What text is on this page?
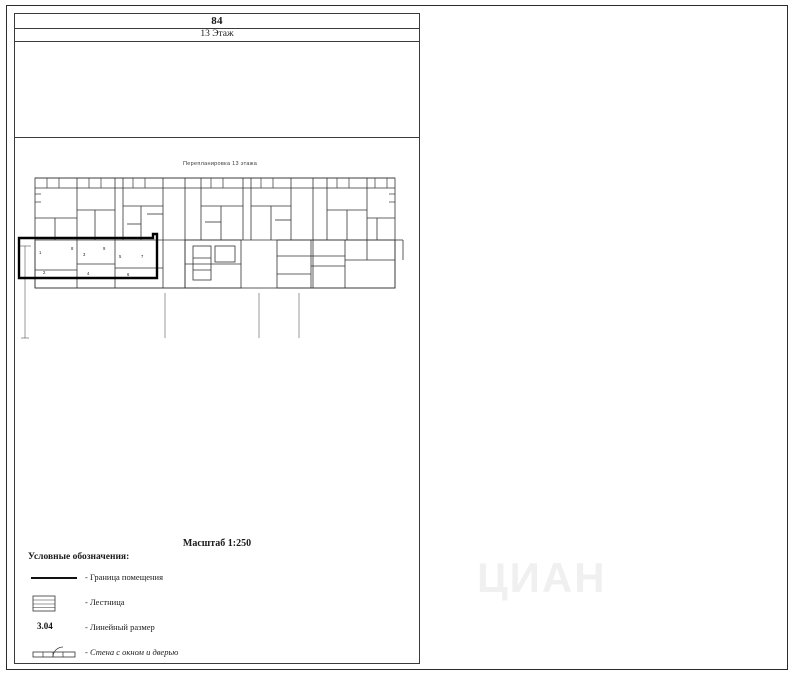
84
13 Этаж
Перепланировка 13 этажа
1
2
3
4
5
6
7
8	9
Масштаб 1:250
Условные обозначения:
- Граница помещения
- Лестница
3.04	- Линейный размер
- Стена с окном и дверью
ЦИАН
